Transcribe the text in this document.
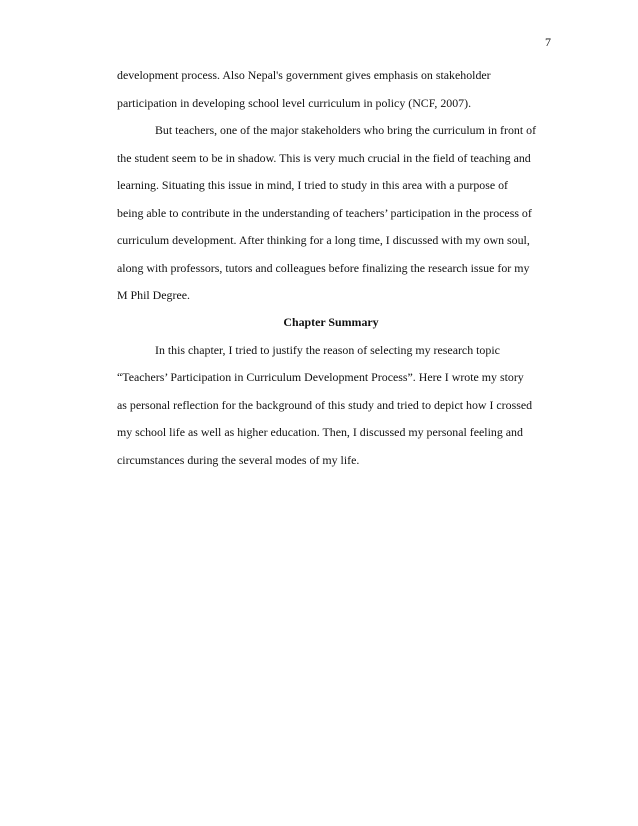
7
development process. Also Nepal's government gives emphasis on stakeholder
participation in developing school level curriculum in policy (NCF, 2007).
But teachers, one of the major stakeholders who bring the curriculum in front of
the student seem to be in shadow. This is very much crucial in the field of teaching and
learning. Situating this issue in mind, I tried to study in this area with a purpose of
being able to contribute in the understanding of teachers’ participation in the process of
curriculum development. After thinking for a long time, I discussed with my own soul,
along with professors, tutors and colleagues before finalizing the research issue for my
M Phil Degree.
Chapter Summary
In this chapter, I tried to justify the reason of selecting my research topic
“Teachers’ Participation in Curriculum Development Process”. Here I wrote my story
as personal reflection for the background of this study and tried to depict how I crossed
my school life as well as higher education. Then, I discussed my personal feeling and
circumstances during the several modes of my life.
